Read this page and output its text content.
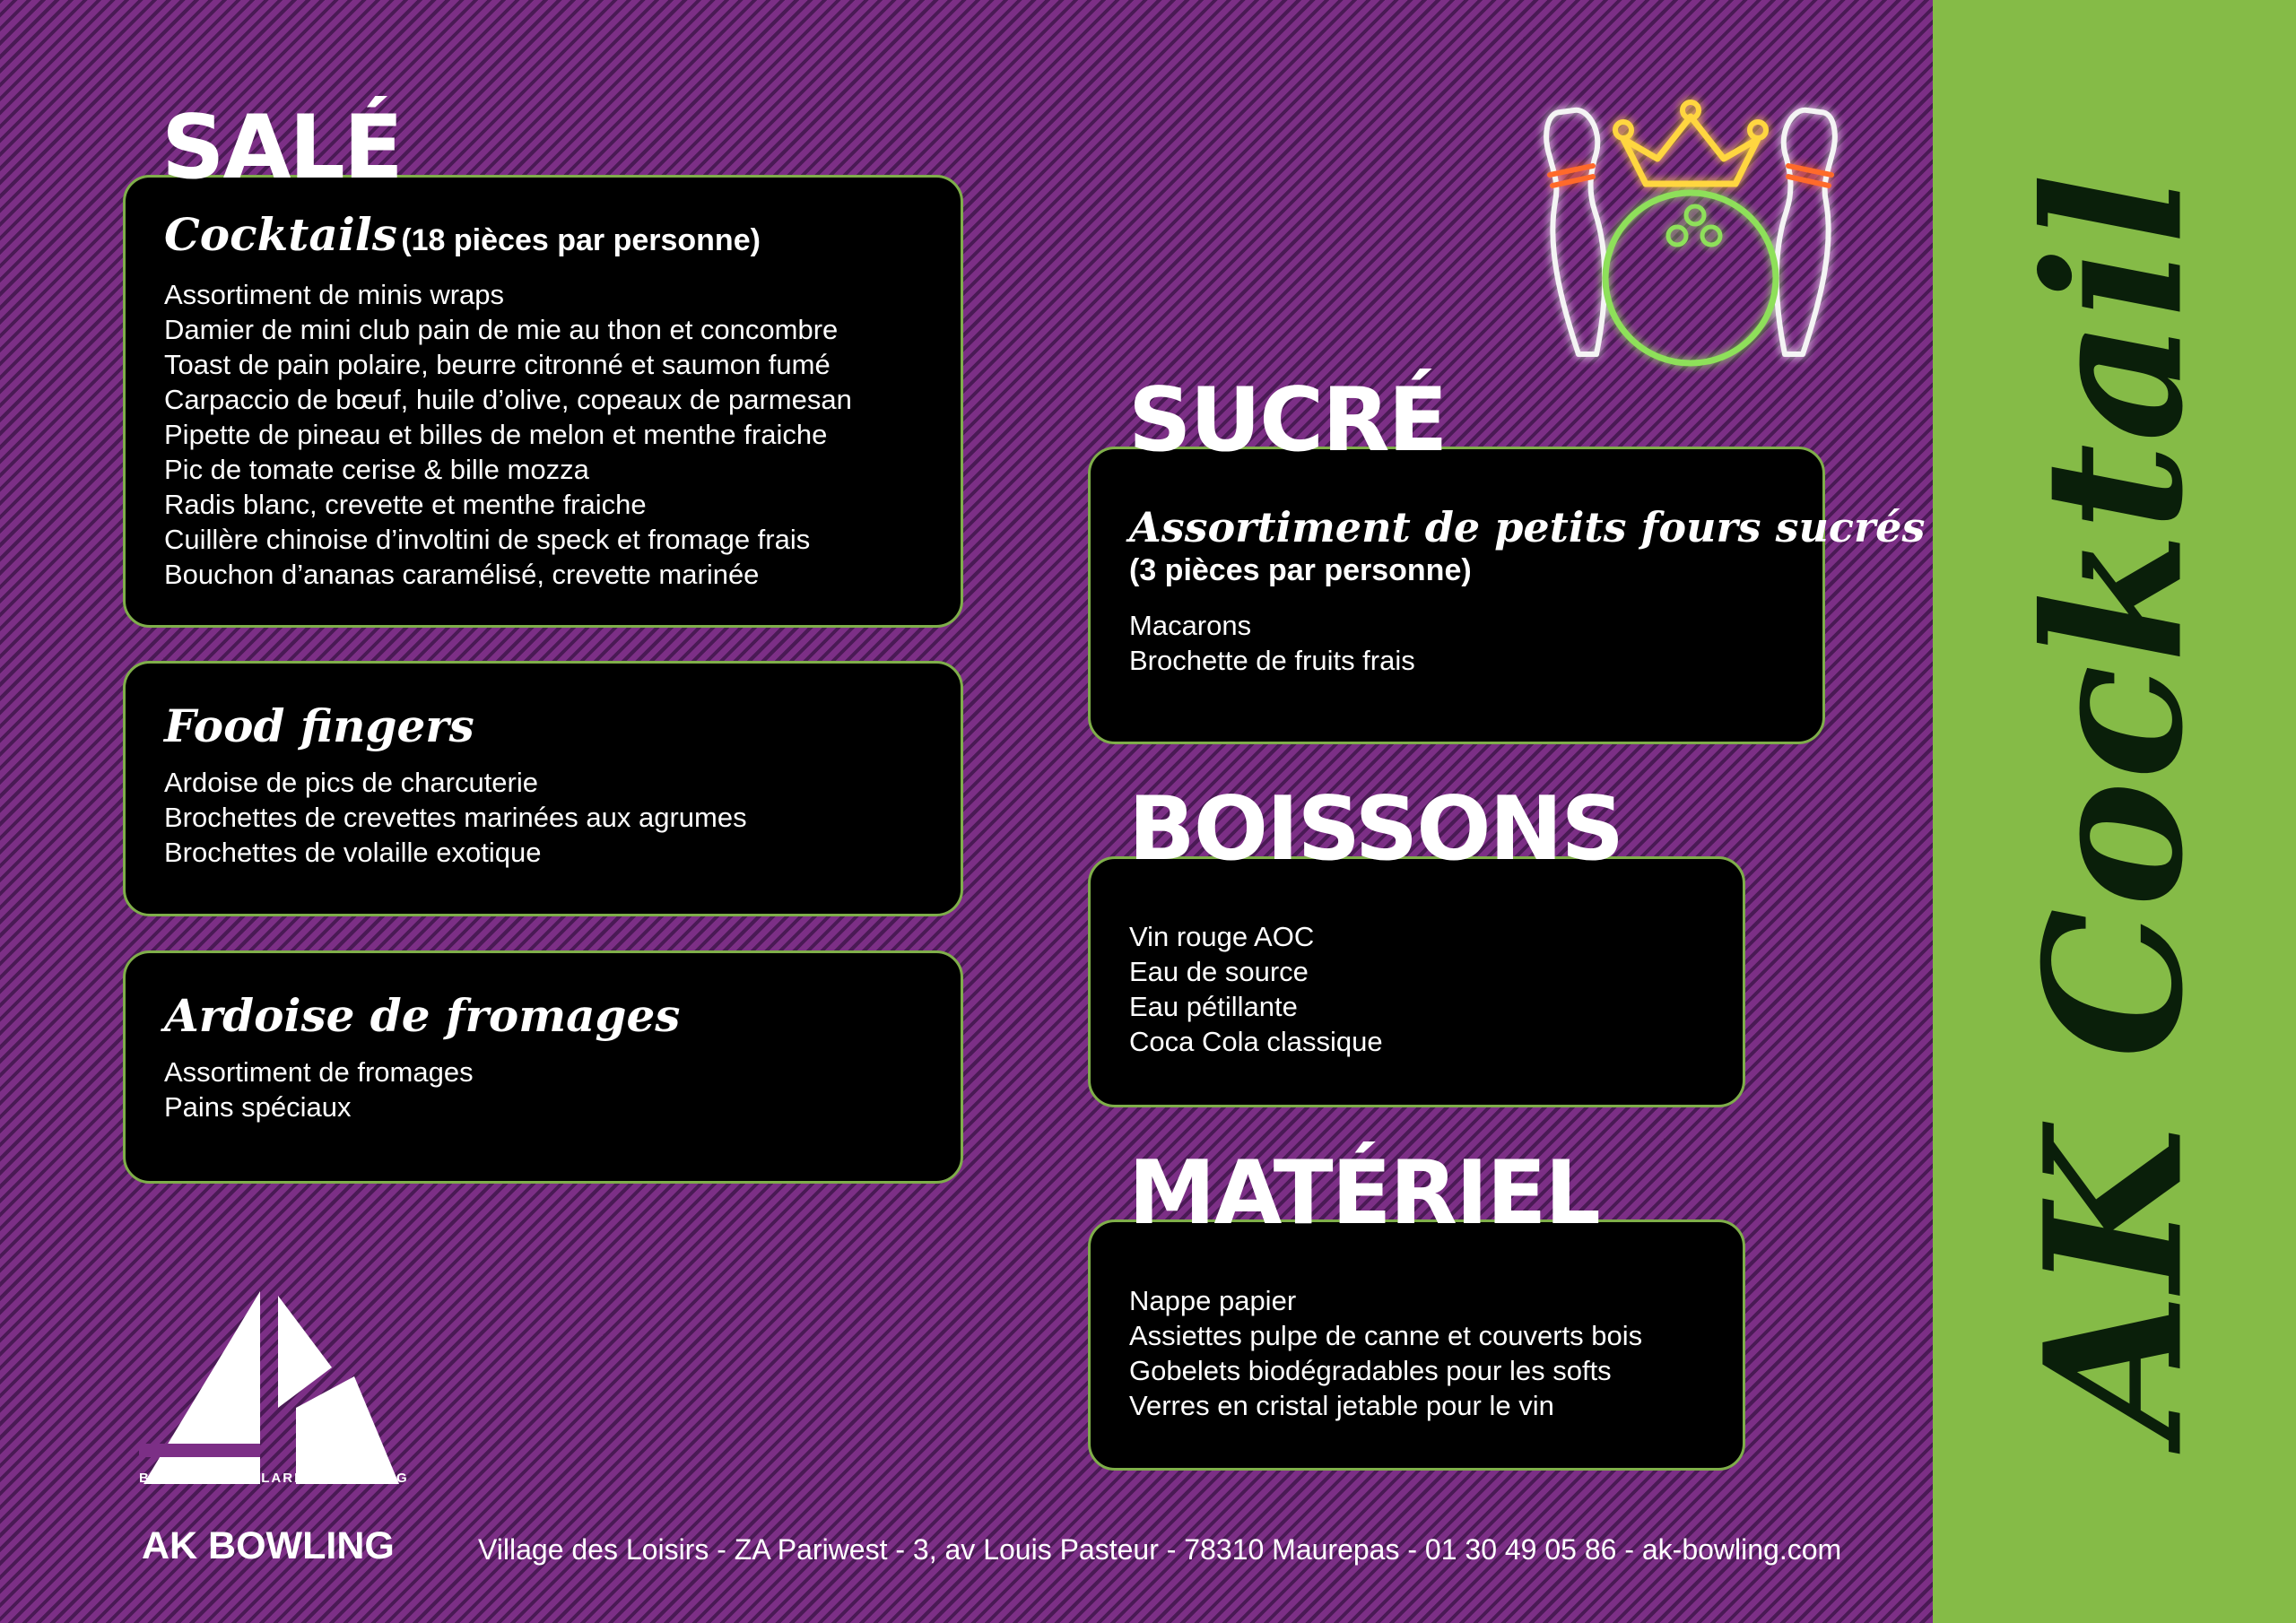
AK Cocktail
SALÉ
Cocktails (18 pièces par personne)
Assortiment de minis wraps
Damier de mini club pain de mie au thon et concombre
Toast de pain polaire, beurre citronné et saumon fumé
Carpaccio de bœuf, huile d’olive, copeaux de parmesan
Pipette de pineau et billes de melon et menthe fraiche
Pic de tomate cerise & bille mozza
Radis blanc, crevette et menthe fraiche
Cuillère chinoise d’involtini de speck et fromage frais
Bouchon d’ananas caramélisé, crevette marinée
Food fingers
Ardoise de pics de charcuterie
Brochettes de crevettes marinées aux agrumes
Brochettes de volaille exotique
Ardoise de fromages
Assortiment de fromages
Pains spéciaux
SUCRÉ
Assortiment de petits fours sucrés
(3 pièces par personne)
Macarons
Brochette de fruits frais
BOISSONS
Vin rouge AOC
Eau de source
Eau pétillante
Coca Cola classique
MATÉRIEL
Nappe papier
Assiettes pulpe de canne et couverts bois
Gobelets biodégradables pour les softs
Verres en cristal jetable pour le vin
BOWLING • BILLARD • CLUBBING
AK BOWLING	Village des Loisirs - ZA Pariwest - 3, av Louis Pasteur - 78310 Maurepas - 01 30 49 05 86 - ak-bowling.com
